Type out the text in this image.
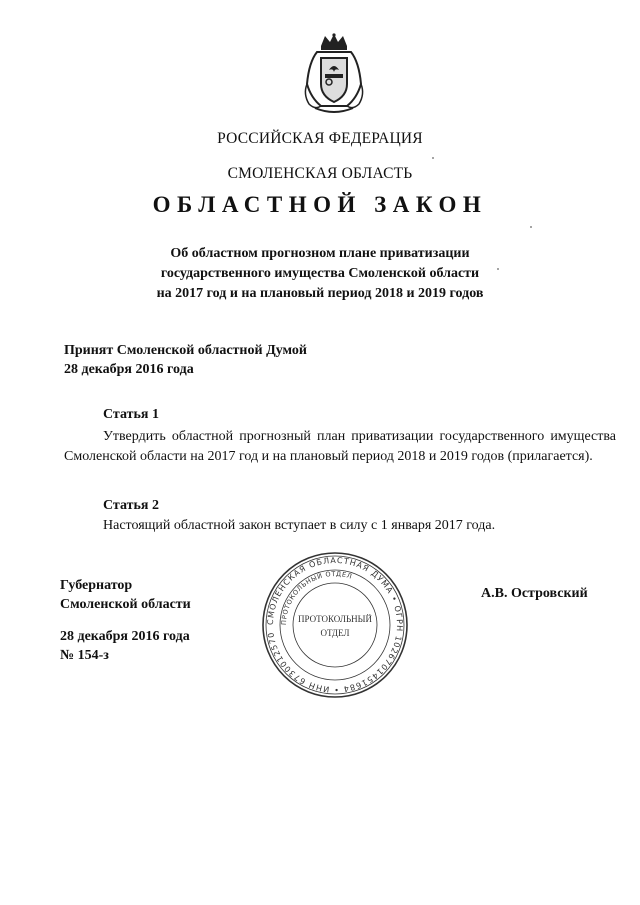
РОССИЙСКАЯ ФЕДЕРАЦИЯ
СМОЛЕНСКАЯ ОБЛАСТЬ
ОБЛАСТНОЙ ЗАКОН
Об областном прогнозном плане приватизации
государственного имущества Смоленской области
на 2017 год и на плановый период 2018 и 2019 годов
Принят Смоленской областной Думой
28 декабря 2016 года
Статья 1
Утвердить областной прогнозный план приватизации государственного имущества Смоленской области на 2017 год и на плановый период 2018 и 2019 годов (прилагается).
Статья 2
Настоящий областной закон вступает в силу с 1 января 2017 года.
Губернатор
Смоленской области
СМОЛЕНСКАЯ ОБЛАСТНАЯ ДУМА • ОГРН 1026701451684 • ИНН 6730012570
ПРОТОКОЛЬНЫЙ ОТДЕЛ
ПРОТОКОЛЬНЫЙ
ОТДЕЛ
А.В. Островский
28 декабря 2016 года
№ 154-з
